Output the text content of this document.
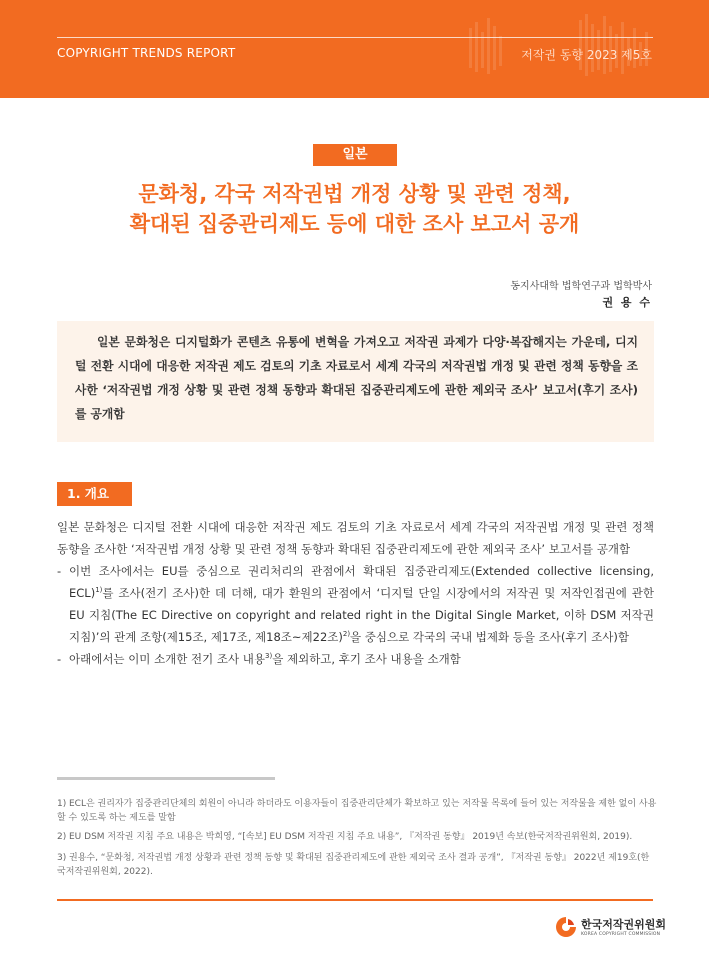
COPYRIGHT TRENDS REPORT	저작권 동향 2023 제5호
일본
문화청, 각국 저작권법 개정 상황 및 관련 정책,
확대된 집중관리제도 등에 대한 조사 보고서 공개
동지사대학 법학연구과 법학박사
권 용 수
일본 문화청은 디지털화가 콘텐츠 유통에 변혁을 가져오고 저작권 과제가 다양·복잡해지는 가운데, 디지털 전환 시대에 대응한 저작권 제도 검토의 기초 자료로서 세계 각국의 저작권법 개정 및 관련 정책 동향을 조사한 ‘저작권법 개정 상황 및 관련 정책 동향과 확대된 집중관리제도에 관한 제외국 조사’ 보고서(후기 조사)를 공개함
1. 개요

일본 문화청은 디지털 전환 시대에 대응한 저작권 제도 검토의 기초 자료로서 세계 각국의 저작권법 개정 및 관련 정책 동향을 조사한 ‘저작권법 개정 상황 및 관련 정책 동향과 확대된 집중관리제도에 관한 제외국 조사’ 보고서를 공개함

- 이번 조사에서는 EU를 중심으로 권리처리의 관점에서 확대된 집중관리제도(Extended collective licensing, ECL)$^{1)}$를 조사(전기 조사)한 데 더해, 대가 환원의 관점에서 ‘디지털 단일 시장에서의 저작권 및 저작인접권에 관한 EU 지침(The EC Directive on copyright and related right in the Digital Single Market, 이하 DSM 저작권 지침)’의 관계 조항(제15조, 제17조, 제18조~제22조)$^{2)}$을 중심으로 각국의 국내 법제화 등을 조사(후기 조사)함
- 아래에서는 이미 소개한 전기 조사 내용$^{3)}$을 제외하고, 후기 조사 내용을 소개함
1) ECL은 권리자가 집중관리단체의 회원이 아니라 하더라도 이용자들이 집중관리단체가 확보하고 있는 저작물 목록에 들어 있는 저작물을 제한 없이 사용할 수 있도록 하는 제도를 말함
2) EU DSM 저작권 지침 주요 내용은 박희영, “[속보] EU DSM 저작권 지침 주요 내용”, 『저작권 동향』 2019년 속보(한국저작권위원회, 2019).
3) 권용수, “문화청, 저작권법 개정 상황과 관련 정책 동향 및 확대된 집중관리제도에 관한 제외국 조사 결과 공개”, 『저작권 동향』 2022년 제19호(한국저작권위원회, 2022).
한국저작권위원회
KOREA COPYRIGHT COMMISSION
